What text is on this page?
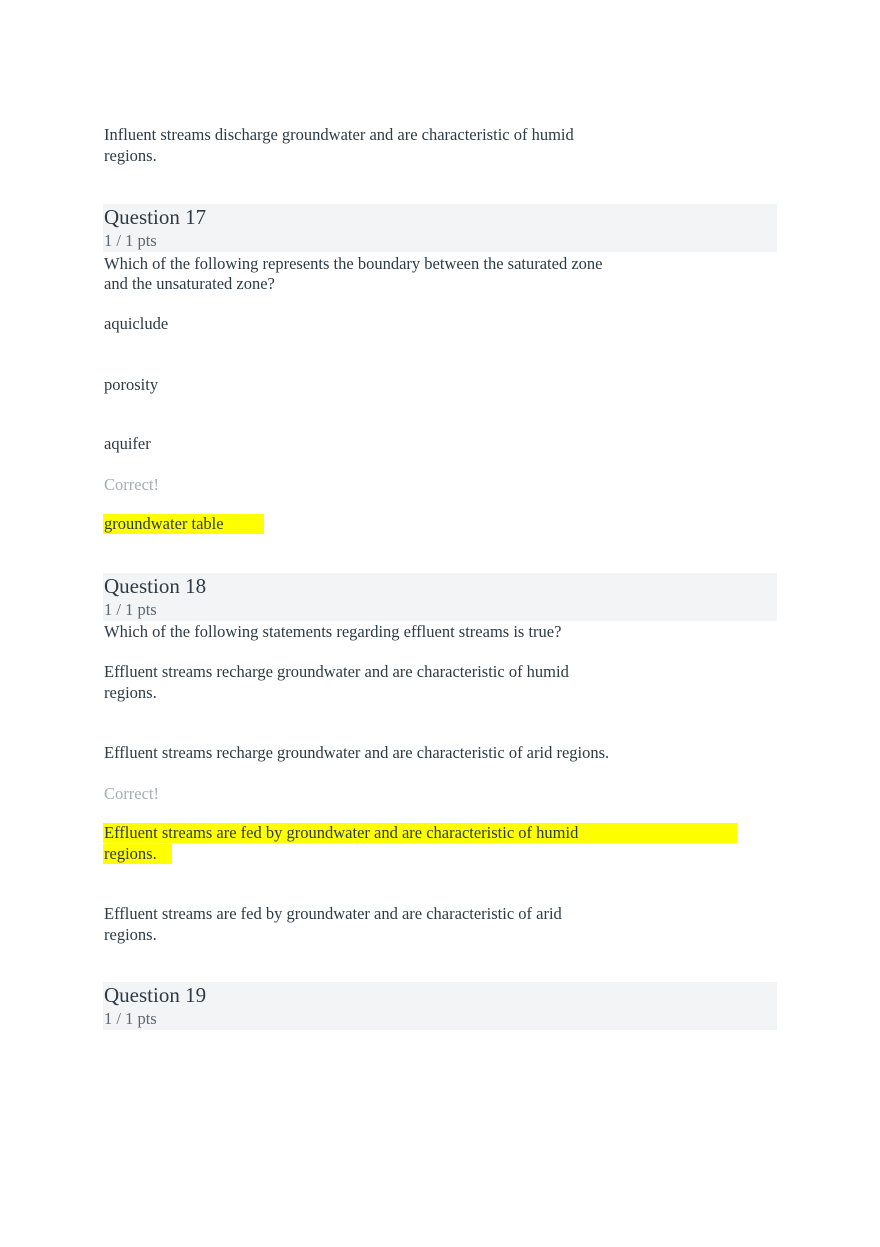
Influent streams discharge groundwater and are characteristic of humid
regions.
Question 17
1 / 1 pts
Which of the following represents the boundary between the saturated zone
and the unsaturated zone?
aquiclude
porosity
aquifer
Correct!
groundwater table
Question 18
1 / 1 pts
Which of the following statements regarding effluent streams is true?
Effluent streams recharge groundwater and are characteristic of humid
regions.
Effluent streams recharge groundwater and are characteristic of arid regions.
Correct!
Effluent streams are fed by groundwater and are characteristic of humid
regions.
Effluent streams are fed by groundwater and are characteristic of arid
regions.
Question 19
1 / 1 pts
